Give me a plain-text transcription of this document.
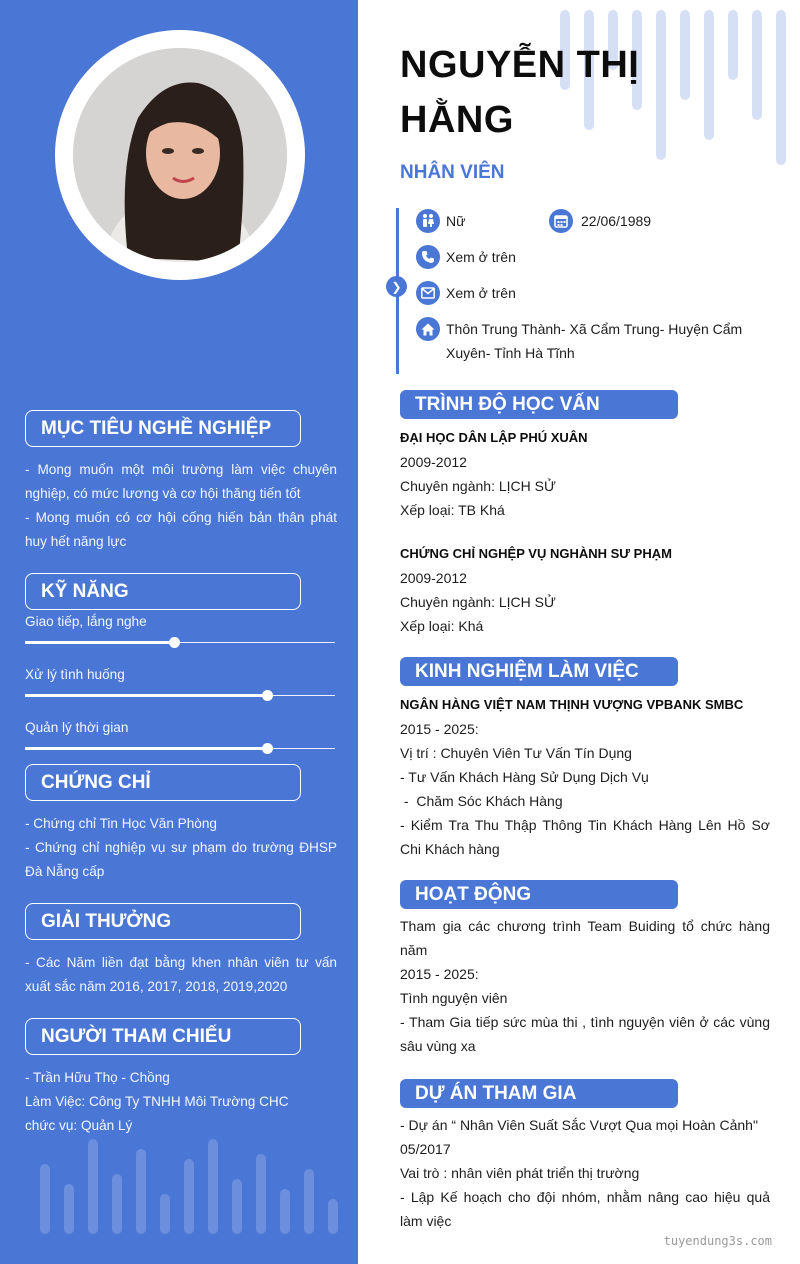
MỤC TIÊU NGHỀ NGHIỆP
- Mong muốn một môi trường làm việc chuyên nghiệp, có mức lương và cơ hội thăng tiến tốt
- Mong muốn có cơ hội cống hiến bản thân phát huy hết năng lực
KỸ NĂNG
Giao tiếp, lắng nghe
Xử lý tình huống
Quản lý thời gian
CHỨNG CHỈ
- Chứng chỉ Tin Học Văn Phòng
- Chứng chỉ nghiệp vụ sư phạm do trường ĐHSP Đà Nẵng cấp
GIẢI THƯỞNG
- Các Năm liền đạt bằng khen nhân viên tư vấn xuất sắc năm 2016, 2017, 2018, 2019,2020
NGƯỜI THAM CHIẾU
- Trần Hữu Thọ - Chồng
Làm Việc: Công Ty TNHH Môi Trường CHC
chức vụ: Quản Lý
NGUYỄN THỊ
HẰNG
NHÂN VIÊN
❯
Nữ	22/06/1989
Xem ở trên
Xem ở trên
Thôn Trung Thành- Xã Cẩm Trung- Huyện Cẩm Xuyên- Tỉnh Hà Tĩnh
TRÌNH ĐỘ HỌC VẤN
ĐẠI HỌC DÂN LẬP PHÚ XUÂN
2009-2012
Chuyên ngành: LỊCH SỬ
Xếp loại: TB Khá
CHỨNG CHỈ NGHỆP VỤ NGHÀNH SƯ PHẠM
2009-2012
Chuyên ngành: LỊCH SỬ
Xếp loại: Khá
KINH NGHIỆM LÀM VIỆC
NGÂN HÀNG VIỆT NAM THỊNH VƯỢNG VPBANK SMBC
2015 - 2025:
Vị trí : Chuyên Viên Tư Vấn Tín Dụng
- Tư Vấn Khách Hàng Sử Dụng Dịch Vụ
-  Chăm Sóc Khách Hàng
- Kiểm Tra Thu Thập Thông Tin Khách Hàng Lên Hồ Sơ Chi Khách hàng
HOẠT ĐỘNG
Tham gia các chương trình Team Buiding tổ chức hàng năm
2015 - 2025:
Tình nguyện viên
- Tham Gia tiếp sức mùa thi , tình nguyện viên ở các vùng sâu vùng xa
DỰ ÁN THAM GIA
- Dự án “ Nhân Viên Suất Sắc Vượt Qua mọi Hoàn Cảnh"
05/2017
Vai trò : nhân viên phát triển thị trường
- Lập Kế hoạch cho đội nhóm, nhằm nâng cao hiệu quả làm việc
tuyendung3s.com
